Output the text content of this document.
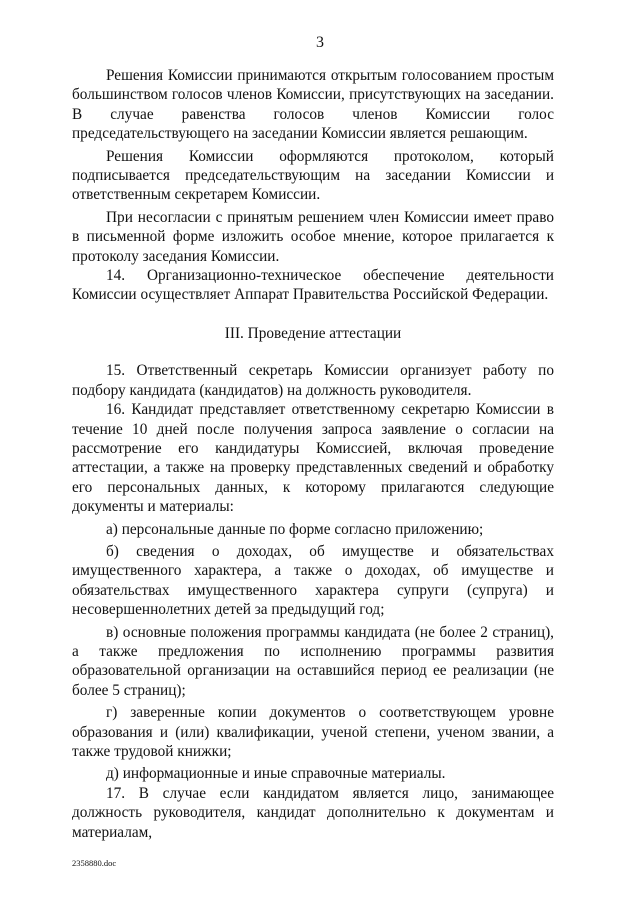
3

Решения Комиссии принимаются открытым голосованием простым большинством голосов членов Комиссии, присутствующих на заседании. В случае равенства голосов членов Комиссии голос председательствующего на заседании Комиссии является решающим.

Решения Комиссии оформляются протоколом, который подписывается председательствующим на заседании Комиссии и ответственным секретарем Комиссии.

При несогласии с принятым решением член Комиссии имеет право в письменной форме изложить особое мнение, которое прилагается к протоколу заседания Комиссии.

14. Организационно-техническое обеспечение деятельности Комиссии осуществляет Аппарат Правительства Российской Федерации.

III. Проведение аттестации

15. Ответственный секретарь Комиссии организует работу по подбору кандидата (кандидатов) на должность руководителя.

16. Кандидат представляет ответственному секретарю Комиссии в течение 10 дней после получения запроса заявление о согласии на рассмотрение его кандидатуры Комиссией, включая проведение аттестации, а также на проверку представленных сведений и обработку его персональных данных, к которому прилагаются следующие документы и материалы:

а) персональные данные по форме согласно приложению;

б) сведения о доходах, об имуществе и обязательствах имущественного характера, а также о доходах, об имуществе и обязательствах имущественного характера супруги (супруга) и несовершеннолетних детей за предыдущий год;

в) основные положения программы кандидата (не более 2 страниц), а также предложения по исполнению программы развития образовательной организации на оставшийся период ее реализации (не более 5 страниц);

г) заверенные копии документов о соответствующем уровне образования и (или) квалификации, ученой степени, ученом звании, а также трудовой книжки;

д) информационные и иные справочные материалы.

17. В случае если кандидатом является лицо, занимающее должность руководителя, кандидат дополнительно к документам и материалам,

2358880.doc
